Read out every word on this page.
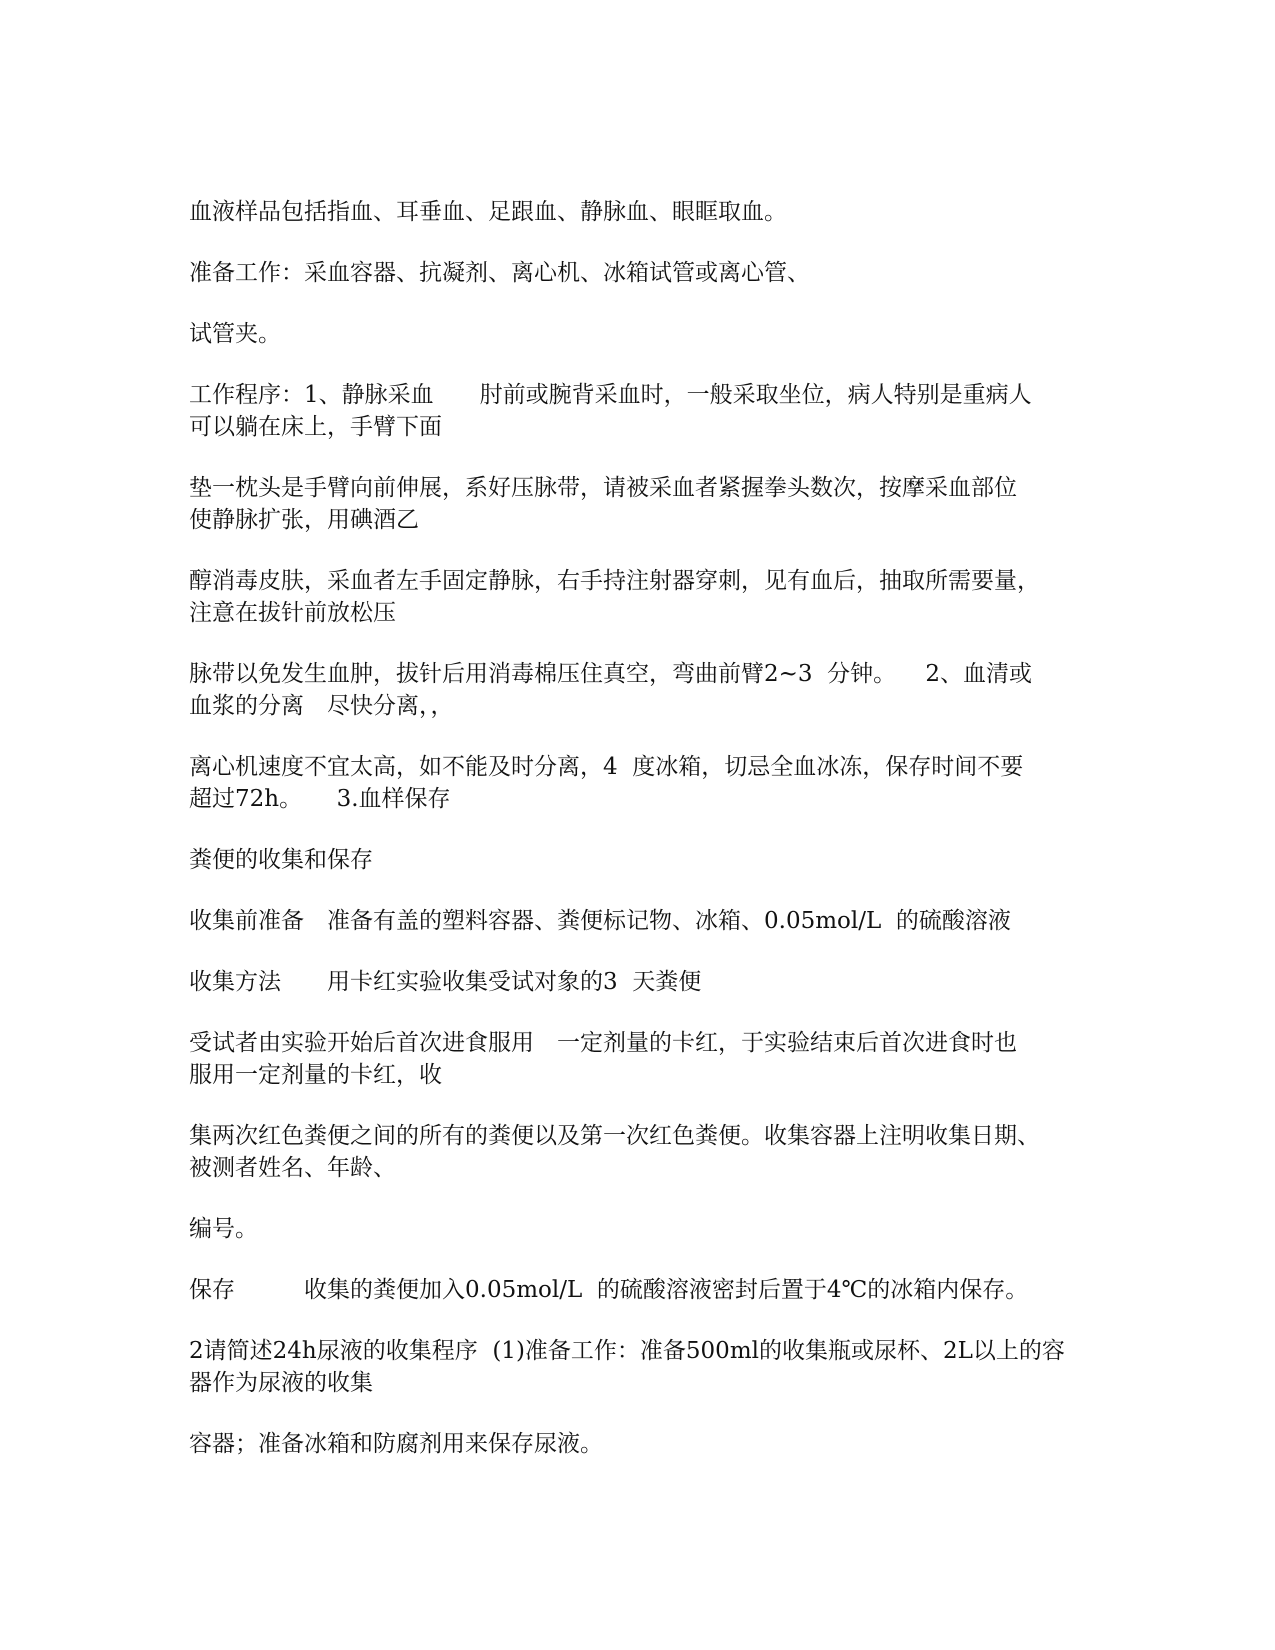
血液样品包括指血、耳垂血、足跟血、静脉血、眼眶取血。
准备工作：采血容器、抗凝剂、离心机、冰箱试管或离心管、
试管夹。
工作程序：1、静脉采血　　肘前或腕背采血时，一般采取坐位，病人特别是重病人
可以躺在床上，手臂下面
垫一枕头是手臂向前伸展，系好压脉带，请被采血者紧握拳头数次，按摩采血部位
使静脉扩张，用碘酒乙
醇消毒皮肤，采血者左手固定静脉，右手持注射器穿刺，见有血后，抽取所需要量，
注意在拔针前放松压
脉带以免发生血肿，拔针后用消毒棉压住真空，弯曲前臂2~3  分钟。    2、血清或
血浆的分离　尽快分离，，
离心机速度不宜太高，如不能及时分离，4  度冰箱，切忌全血冰冻，保存时间不要
超过72h。　　3.血样保存
粪便的收集和保存
收集前准备　准备有盖的塑料容器、粪便标记物、冰箱、0.05mol/L  的硫酸溶液
收集方法　　用卡红实验收集受试对象的3  天粪便
受试者由实验开始后首次进食服用　一定剂量的卡红，于实验结束后首次进食时也
服用一定剂量的卡红，收
集两次红色粪便之间的所有的粪便以及第一次红色粪便。收集容器上注明收集日期、
被测者姓名、年龄、
编号。
保存　　　收集的粪便加入0.05mol/L  的硫酸溶液密封后置于4℃的冰箱内保存。
2请简述24h尿液的收集程序  (1)准备工作：准备500ml的收集瓶或尿杯、2L以上的容
器作为尿液的收集
容器；准备冰箱和防腐剂用来保存尿液。
